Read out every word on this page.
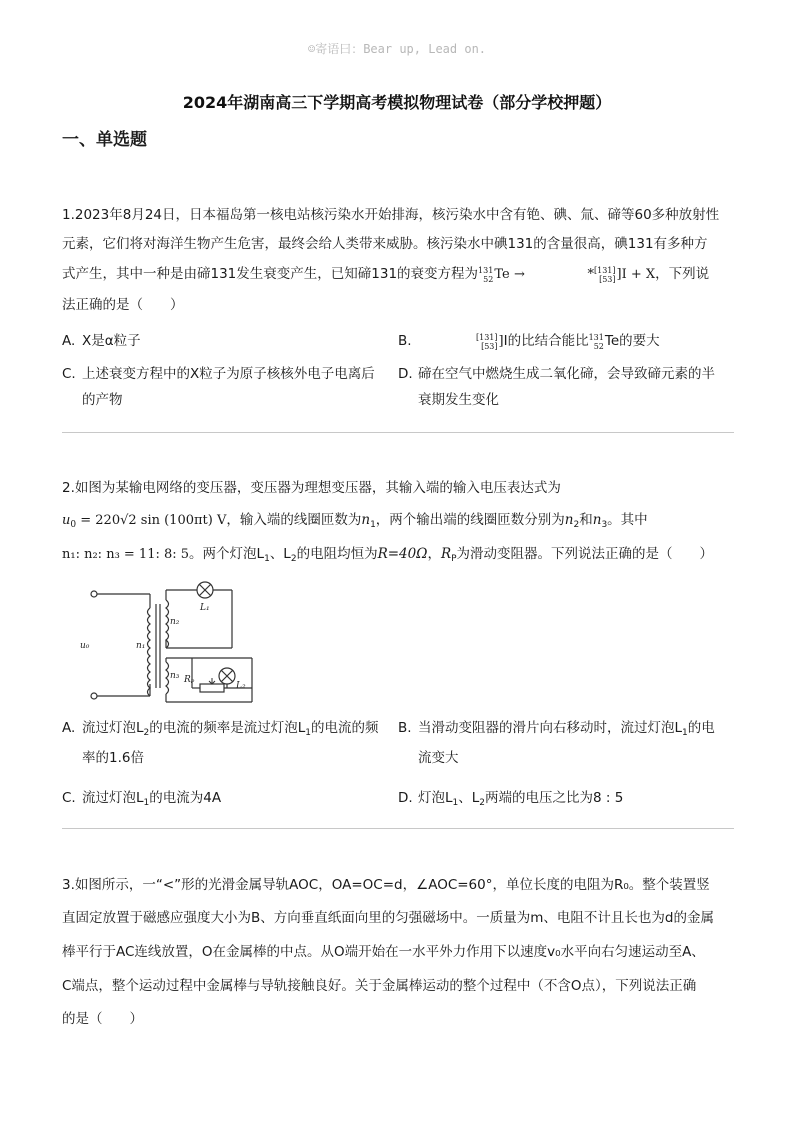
☺寄语曰：Bear up, Lead on.
2024年湖南高三下学期高考模拟物理试卷（部分学校押题）
一、单选题
1.2023年8月24日，日本福岛第一核电站核污染水开始排海，核污染水中含有铯、碘、氚、碲等60多种放射性
元素，它们将对海洋生物产生危害，最终会给人类带来威胁。核污染水中碘131的含量很高，碘131有多种方
式产生，其中一种是由碲131发生衰变产生，已知碲131的衰变方程为131
52Te →	*[131]
[53]]I + X，下列说
法正确的是（　　）
A. X是α粒子	B.	[131]
[53]]I的比结合能比131
52Te的要大
C. 上述衰变方程中的X粒子为原子核核外电子电离后
的产物
D. 碲在空气中燃烧生成二氧化碲，会导致碲元素的半
衰期发生变化
2.如图为某输电网络的变压器，变压器为理想变压器，其输入端的输入电压表达式为
$u_0 = 220√2$ sin (100πt) V，输入端的线圈匝数为$n_1$，两个输出端的线圈匝数分别为$n_2$和$n_3$。其中
n₁: n₂: n₃ = 11: 8: 5。两个灯泡$L_1$、$L_2$的电阻均恒为R=40Ω，$R_P$为滑动变阻器。下列说法正确的是（　　）
u₀	n₁
n₂
n₃
L₁
L₂
Rₚ
A. 流过灯泡$L_2$的电流的频率是流过灯泡$L_1$的电流的频
率的1.6倍
B. 当滑动变阻器的滑片向右移动时，流过灯泡$L_1$的电
流变大
C. 流过灯泡$L_1$的电流为4A	D. 灯泡$L_1$、$L_2$两端的电压之比为8 : 5
3.如图所示，一“<”形的光滑金属导轨AOC，OA=OC=d，∠AOC=60°，单位长度的电阻为R₀。整个装置竖
直固定放置于磁感应强度大小为B、方向垂直纸面向里的匀强磁场中。一质量为m、电阻不计且长也为d的金属
棒平行于AC连线放置，O在金属棒的中点。从O端开始在一水平外力作用下以速度v₀水平向右匀速运动至A、
C端点，整个运动过程中金属棒与导轨接触良好。关于金属棒运动的整个过程中（不含O点），下列说法正确
的是（　　）
